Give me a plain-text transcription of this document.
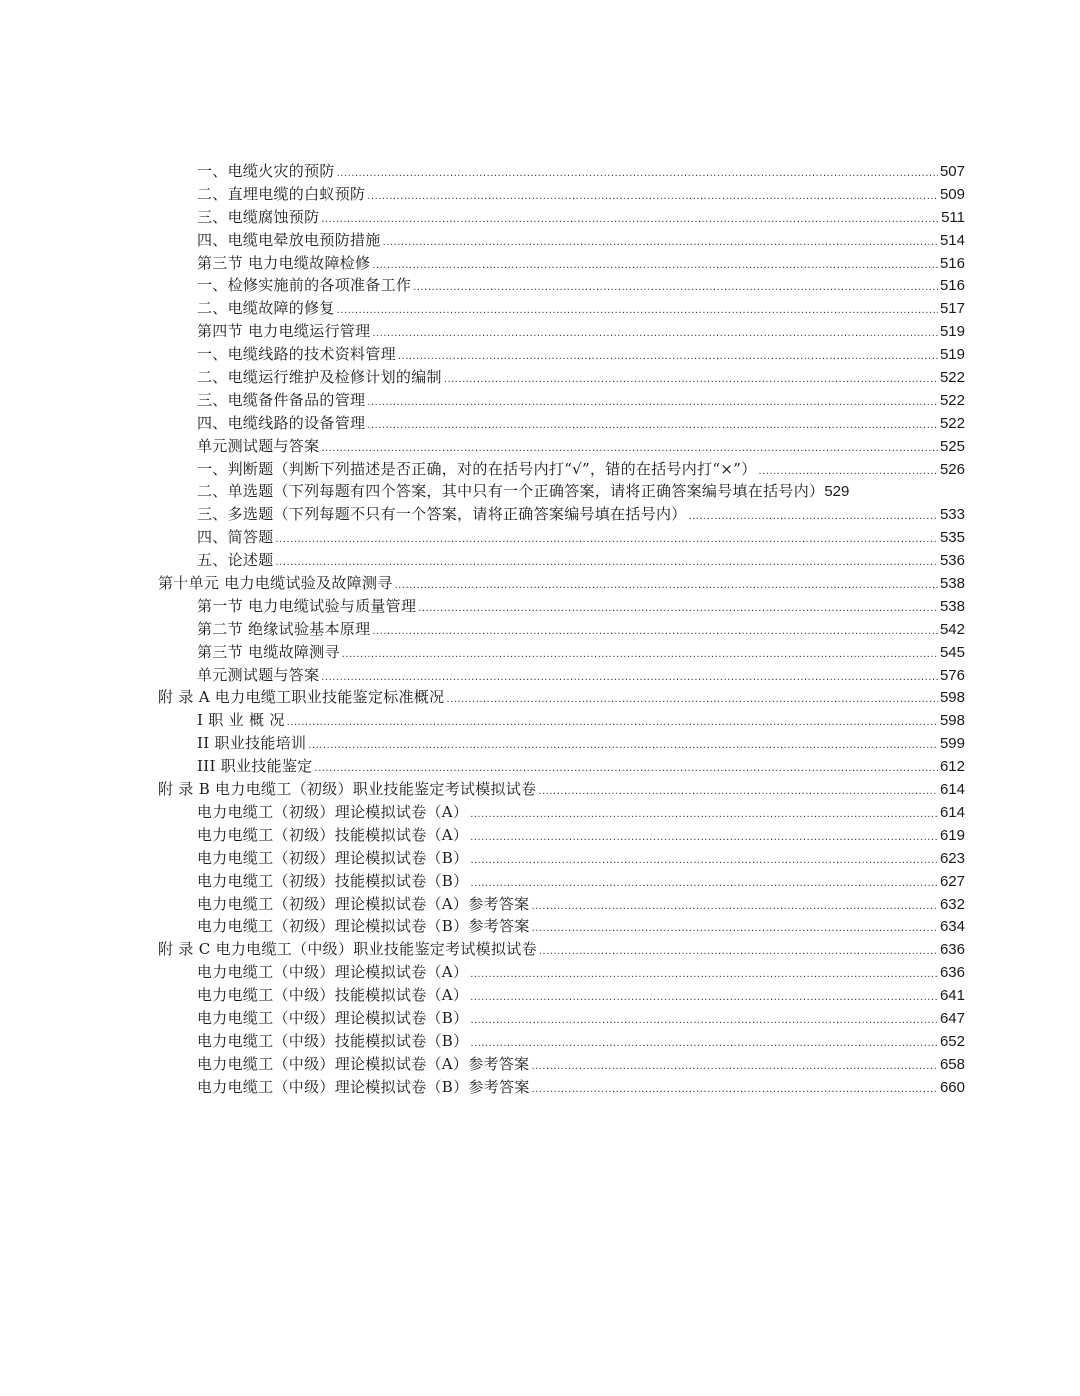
一、电缆火灾的预防 .....	507
二、直埋电缆的白蚁预防 .....	509
三、电缆腐蚀预防 .....	511
四、电缆电晕放电预防措施 .....	514
第三节 电力电缆故障检修 .....	516
一、检修实施前的各项准备工作 .....	516
二、电缆故障的修复 .....	517
第四节 电力电缆运行管理 .....	519
一、电缆线路的技术资料管理 .....	519
二、电缆运行维护及检修计划的编制 .....	522
三、电缆备件备品的管理 .....	522
四、电缆线路的设备管理 .....	522
单元测试题与答案 .....	525
一、判断题（判断下列描述是否正确，对的在括号内打“√”，错的在括号内打“×”） .....	526
二、单选题（下列每题有四个答案，其中只有一个正确答案，请将正确答案编号填在括号内） 529
三、多选题（下列每题不只有一个答案，请将正确答案编号填在括号内） .....	533
四、简答题 .....	535
五、论述题 .....	536
第十单元 电力电缆试验及故障测寻 .....	538
第一节 电力电缆试验与质量管理 .....	538
第二节 绝缘试验基本原理 .....	542
第三节 电缆故障测寻 .....	545
单元测试题与答案 .....	576
附 录 A 电力电缆工职业技能鉴定标准概况 .....	598
I 职 业 概 况 .....	598
II 职业技能培训 .....	599
III 职业技能鉴定 .....	612
附 录 B 电力电缆工（初级）职业技能鉴定考试模拟试卷 .....	614
电力电缆工（初级）理论模拟试卷（A） .....	614
电力电缆工（初级）技能模拟试卷（A） .....	619
电力电缆工（初级）理论模拟试卷（B） .....	623
电力电缆工（初级）技能模拟试卷（B） .....	627
电力电缆工（初级）理论模拟试卷（A）参考答案 .....	632
电力电缆工（初级）理论模拟试卷（B）参考答案 .....	634
附 录 C 电力电缆工（中级）职业技能鉴定考试模拟试卷 .....	636
电力电缆工（中级）理论模拟试卷（A） .....	636
电力电缆工（中级）技能模拟试卷（A） .....	641
电力电缆工（中级）理论模拟试卷（B） .....	647
电力电缆工（中级）技能模拟试卷（B） .....	652
电力电缆工（中级）理论模拟试卷（A）参考答案 .....	658
电力电缆工（中级）理论模拟试卷（B）参考答案 .....	660
